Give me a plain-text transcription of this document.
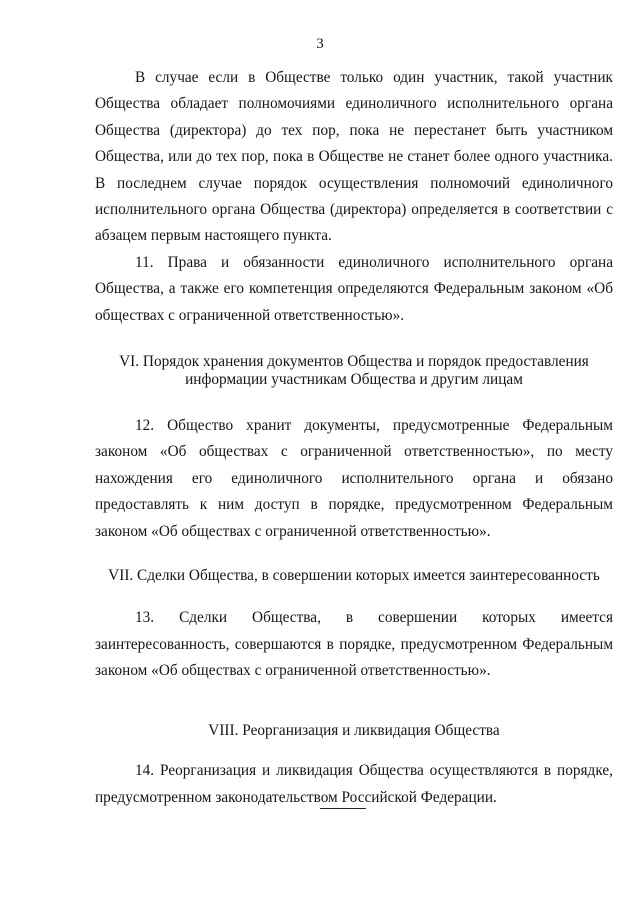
3

В случае если в Обществе только один участник, такой участник Общества обладает полномочиями единоличного исполнительного органа Общества (директора) до тех пор, пока не перестанет быть участником Общества, или до тех пор, пока в Обществе не станет более одного участника. В последнем случае порядок осуществления полномочий единоличного исполнительного органа Общества (директора) определяется в соответствии с абзацем первым настоящего пункта.

11. Права и обязанности единоличного исполнительного органа Общества, а также его компетенция определяются Федеральным законом «Об обществах с ограниченной ответственностью».

VI. Порядок хранения документов Общества и порядок предоставления
информации участникам Общества и другим лицам

12. Общество хранит документы, предусмотренные Федеральным законом «Об обществах с ограниченной ответственностью», по месту нахождения его единоличного исполнительного органа и обязано предоставлять к ним доступ в порядке, предусмотренном Федеральным законом «Об обществах с ограниченной ответственностью».

VII. Сделки Общества, в совершении которых имеется заинтересованность

13. Сделки Общества, в совершении которых имеется заинтересованность, совершаются в порядке, предусмотренном Федеральным законом «Об обществах с ограниченной ответственностью».

VIII. Реорганизация и ликвидация Общества

14. Реорганизация и ликвидация Общества осуществляются в порядке, предусмотренном законодательством Российской Федерации.
